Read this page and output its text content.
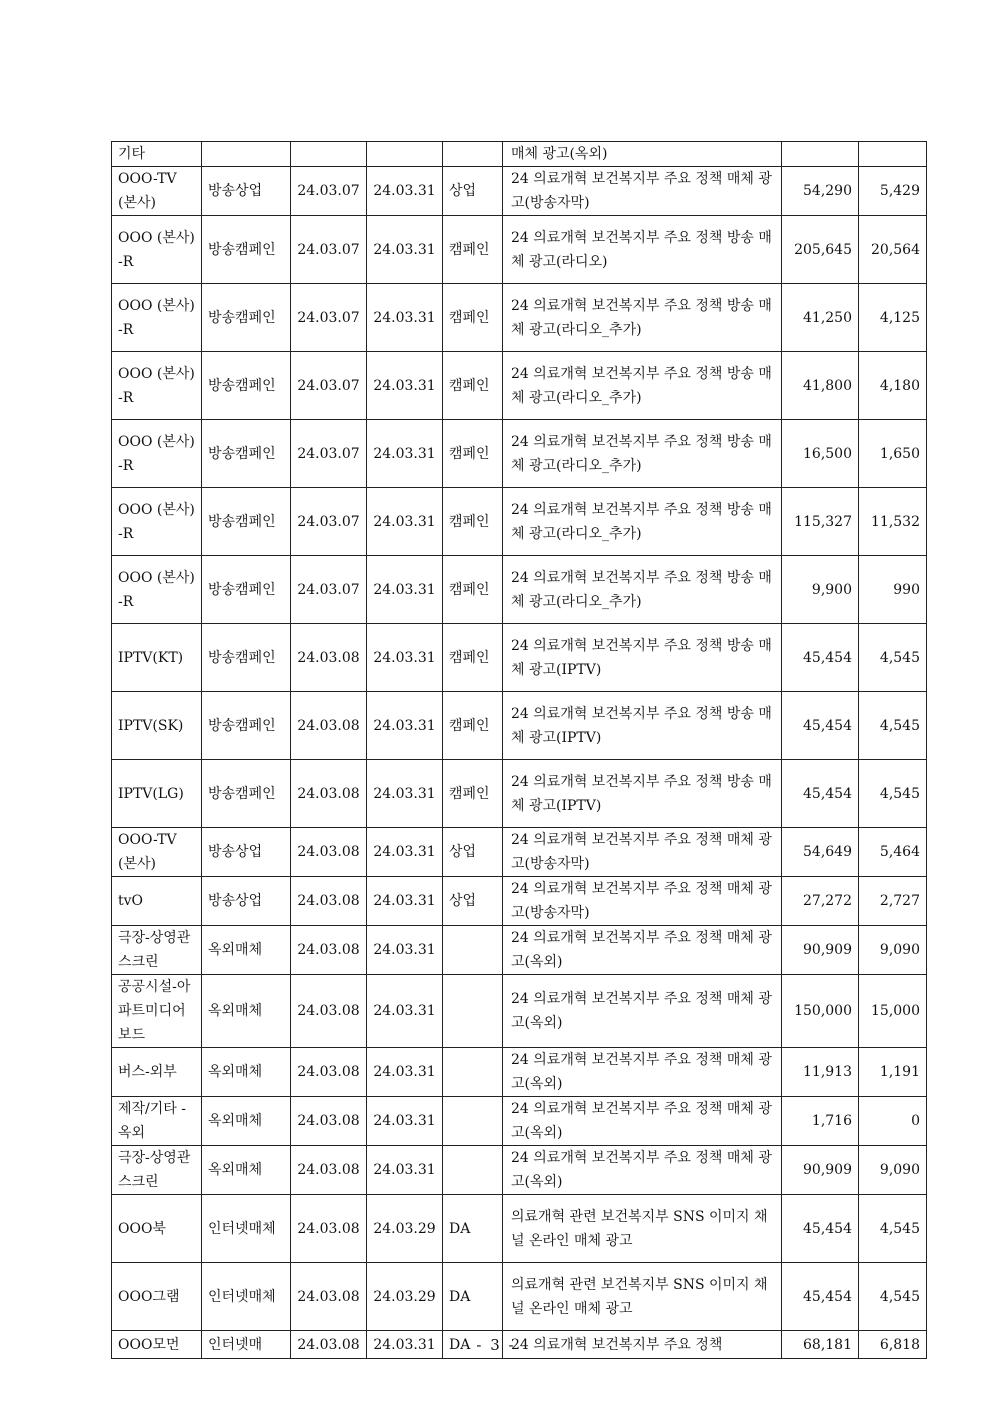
기타					매체 광고(옥외)		
OOO-TV (본사)	방송상업	24.03.07	24.03.31	상업	24 의료개혁 보건복지부 주요 정책 매체 광고(방송자막)	54,290	5,429
OOO (본사)-R	방송캠페인	24.03.07	24.03.31	캠페인	24 의료개혁 보건복지부 주요 정책 방송 매체 광고(라디오)	205,645	20,564
OOO (본사)-R	방송캠페인	24.03.07	24.03.31	캠페인	24 의료개혁 보건복지부 주요 정책 방송 매체 광고(라디오_추가)	41,250	4,125
OOO (본사)-R	방송캠페인	24.03.07	24.03.31	캠페인	24 의료개혁 보건복지부 주요 정책 방송 매체 광고(라디오_추가)	41,800	4,180
OOO (본사)-R	방송캠페인	24.03.07	24.03.31	캠페인	24 의료개혁 보건복지부 주요 정책 방송 매체 광고(라디오_추가)	16,500	1,650
OOO (본사)-R	방송캠페인	24.03.07	24.03.31	캠페인	24 의료개혁 보건복지부 주요 정책 방송 매체 광고(라디오_추가)	115,327	11,532
OOO (본사)-R	방송캠페인	24.03.07	24.03.31	캠페인	24 의료개혁 보건복지부 주요 정책 방송 매체 광고(라디오_추가)	9,900	990
IPTV(KT)	방송캠페인	24.03.08	24.03.31	캠페인	24 의료개혁 보건복지부 주요 정책 방송 매체 광고(IPTV)	45,454	4,545
IPTV(SK)	방송캠페인	24.03.08	24.03.31	캠페인	24 의료개혁 보건복지부 주요 정책 방송 매체 광고(IPTV)	45,454	4,545
IPTV(LG)	방송캠페인	24.03.08	24.03.31	캠페인	24 의료개혁 보건복지부 주요 정책 방송 매체 광고(IPTV)	45,454	4,545
OOO-TV (본사)	방송상업	24.03.08	24.03.31	상업	24 의료개혁 보건복지부 주요 정책 매체 광고(방송자막)	54,649	5,464
tvO	방송상업	24.03.08	24.03.31	상업	24 의료개혁 보건복지부 주요 정책 매체 광고(방송자막)	27,272	2,727
극장-상영관스크린	옥외매체	24.03.08	24.03.31		24 의료개혁 보건복지부 주요 정책 매체 광고(옥외)	90,909	9,090
공공시설-아파트미디어보드	옥외매체	24.03.08	24.03.31		24 의료개혁 보건복지부 주요 정책 매체 광고(옥외)	150,000	15,000
버스-외부	옥외매체	24.03.08	24.03.31		24 의료개혁 보건복지부 주요 정책 매체 광고(옥외)	11,913	1,191
제작/기타 -옥외	옥외매체	24.03.08	24.03.31		24 의료개혁 보건복지부 주요 정책 매체 광고(옥외)	1,716	0
극장-상영관스크린	옥외매체	24.03.08	24.03.31		24 의료개혁 보건복지부 주요 정책 매체 광고(옥외)	90,909	9,090
OOO북	인터넷매체	24.03.08	24.03.29	DA	의료개혁 관련 보건복지부 SNS 이미지 채널 온라인 매체 광고	45,454	4,545
OOO그램	인터넷매체	24.03.08	24.03.29	DA	의료개혁 관련 보건복지부 SNS 이미지 채널 온라인 매체 광고	45,454	4,545
OOO모먼	인터넷매	24.03.08	24.03.31	DA	24 의료개혁 보건복지부 주요 정책	68,181	6,818
- 3 -
